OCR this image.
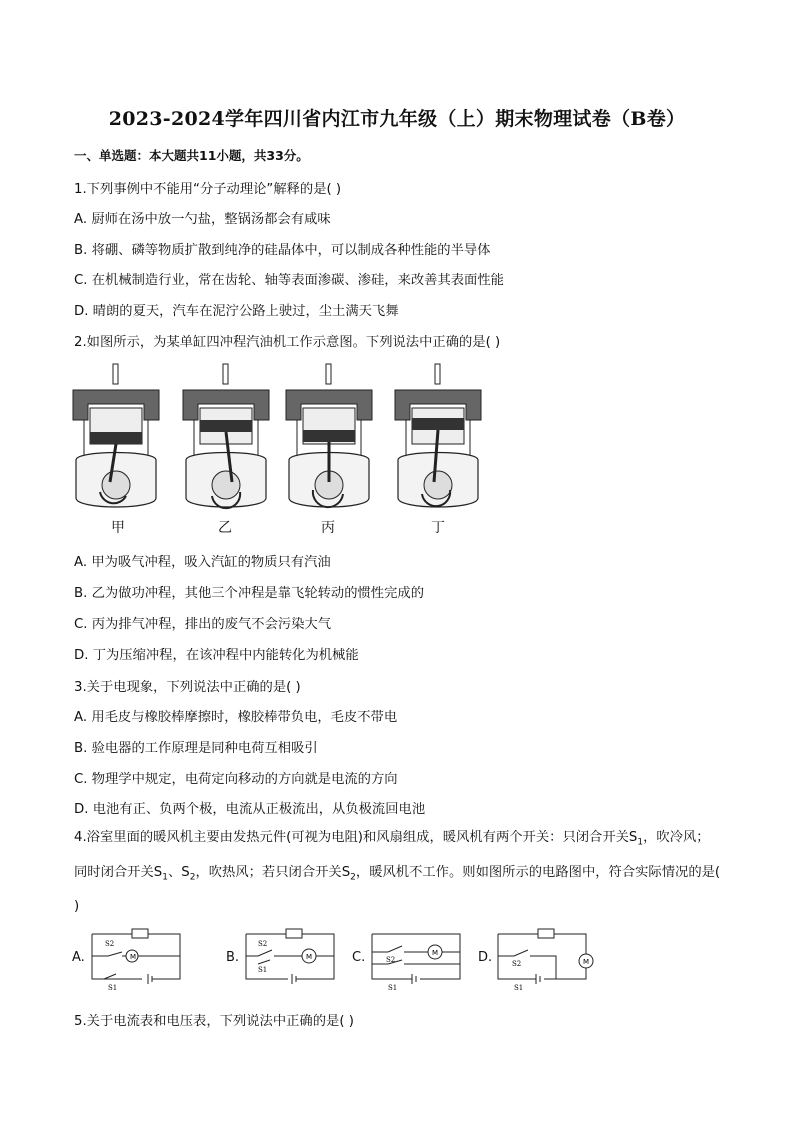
2023-2024学年四川省内江市九年级（上）期末物理试卷（B卷）
一、单选题：本大题共11小题，共33分。
1.下列事例中不能用“分子动理论”解释的是( )
A. 厨师在汤中放一勺盐，整锅汤都会有咸味
B. 将硼、磷等物质扩散到纯净的硅晶体中，可以制成各种性能的半导体
C. 在机械制造行业，常在齿轮、轴等表面渗碳、渗硅，来改善其表面性能
D. 晴朗的夏天，汽车在泥泞公路上驶过，尘土满天飞舞
2.如图所示，为某单缸四冲程汽油机工作示意图。下列说法中正确的是( )
甲	乙	丙	丁
A. 甲为吸气冲程，吸入汽缸的物质只有汽油
B. 乙为做功冲程，其他三个冲程是靠飞轮转动的惯性完成的
C. 丙为排气冲程，排出的废气不会污染大气
D. 丁为压缩冲程，在该冲程中内能转化为机械能
3.关于电现象，下列说法中正确的是( )
A. 用毛皮与橡胶棒摩擦时，橡胶棒带负电，毛皮不带电
B. 验电器的工作原理是同种电荷互相吸引
C. 物理学中规定，电荷定向移动的方向就是电流的方向
D. 电池有正、负两个极，电流从正极流出，从负极流回电池
4.浴室里面的暖风机主要由发热元件(可视为电阻)和风扇组成，暖风机有两个开关：只闭合开关$S_1$，吹冷风；同时闭合开关$S_1$、$S_2$，吹热风；若只闭合开关$S_2$，暖风机不工作。则如图所示的电路图中，符合实际情况的是( )
A.	B.	C.	D.
S2
M
S1
S2
M
S1
S2
M
S1
S2	M
S1
5.关于电流表和电压表，下列说法中正确的是( )
